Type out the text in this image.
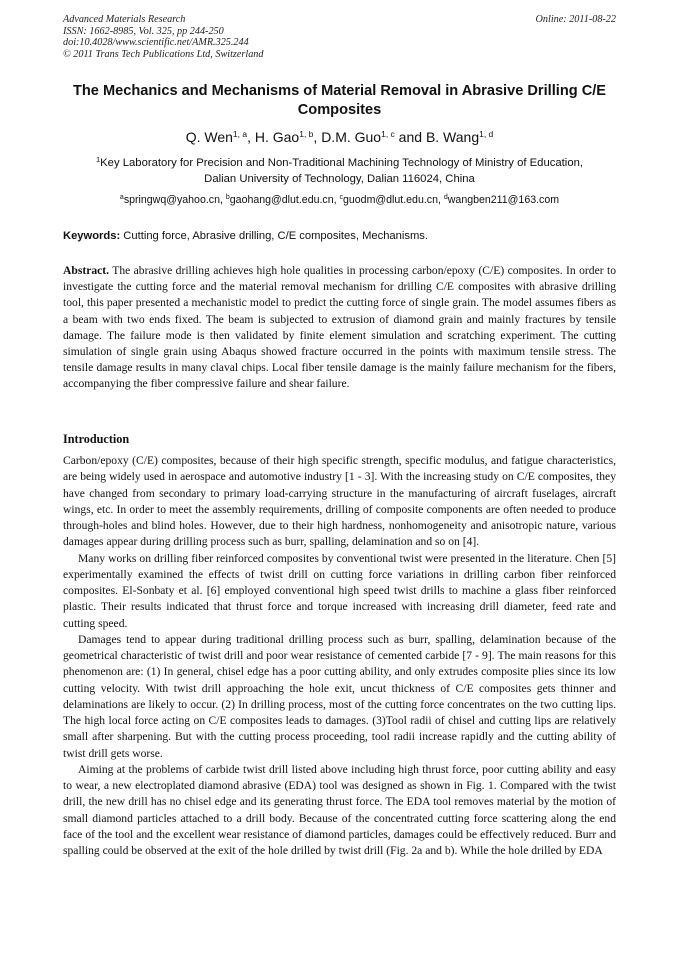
Advanced Materials Research
ISSN: 1662-8985, Vol. 325, pp 244-250
doi:10.4028/www.scientific.net/AMR.325.244
© 2011 Trans Tech Publications Ltd, Switzerland
Online: 2011-08-22
The Mechanics and Mechanisms of Material Removal in Abrasive Drilling C/E Composites
Q. Wen$^{1, a}$, H. Gao$^{1, b}$, D.M. Guo$^{1, c}$ and B. Wang$^{1, d}$
$^1$Key Laboratory for Precision and Non-Traditional Machining Technology of Ministry of Education,
Dalian University of Technology, Dalian 116024, China
$^a$springwq@yahoo.cn, $^b$gaohang@dlut.edu.cn, $^c$guodm@dlut.edu.cn, $^d$wangben211@163.com
Keywords: Cutting force, Abrasive drilling, C/E composites, Mechanisms.
Abstract. The abrasive drilling achieves high hole qualities in processing carbon/epoxy (C/E) composites. In order to investigate the cutting force and the material removal mechanism for drilling C/E composites with abrasive drilling tool, this paper presented a mechanistic model to predict the cutting force of single grain. The model assumes fibers as a beam with two ends fixed. The beam is subjected to extrusion of diamond grain and mainly fractures by tensile damage. The failure mode is then validated by finite element simulation and scratching experiment. The cutting simulation of single grain using Abaqus showed fracture occurred in the points with maximum tensile stress. The tensile damage results in many claval chips. Local fiber tensile damage is the mainly failure mechanism for the fibers, accompanying the fiber compressive failure and shear failure.
Introduction

Carbon/epoxy (C/E) composites, because of their high specific strength, specific modulus, and fatigue characteristics, are being widely used in aerospace and automotive industry [1 - 3]. With the increasing study on C/E composites, they have changed from secondary to primary load-carrying structure in the manufacturing of aircraft fuselages, aircraft wings, etc. In order to meet the assembly requirements, drilling of composite components are often needed to produce through-holes and blind holes. However, due to their high hardness, nonhomogeneity and anisotropic nature, various damages appear during drilling process such as burr, spalling, delamination and so on [4].

Many works on drilling fiber reinforced composites by conventional twist were presented in the literature. Chen [5] experimentally examined the effects of twist drill on cutting force variations in drilling carbon fiber reinforced composites. El-Sonbaty et al. [6] employed conventional high speed twist drills to machine a glass fiber reinforced plastic. Their results indicated that thrust force and torque increased with increasing drill diameter, feed rate and cutting speed.

Damages tend to appear during traditional drilling process such as burr, spalling, delamination because of the geometrical characteristic of twist drill and poor wear resistance of cemented carbide [7 - 9]. The main reasons for this phenomenon are: (1) In general, chisel edge has a poor cutting ability, and only extrudes composite plies since its low cutting velocity. With twist drill approaching the hole exit, uncut thickness of C/E composites gets thinner and delaminations are likely to occur. (2) In drilling process, most of the cutting force concentrates on the two cutting lips. The high local force acting on C/E composites leads to damages. (3)Tool radii of chisel and cutting lips are relatively small after sharpening. But with the cutting process proceeding, tool radii increase rapidly and the cutting ability of twist drill gets worse.

Aiming at the problems of carbide twist drill listed above including high thrust force, poor cutting ability and easy to wear, a new electroplated diamond abrasive (EDA) tool was designed as shown in Fig. 1. Compared with the twist drill, the new drill has no chisel edge and its generating thrust force. The EDA tool removes material by the motion of small diamond particles attached to a drill body. Because of the concentrated cutting force scattering along the end face of the tool and the excellent wear resistance of diamond particles, damages could be effectively reduced. Burr and spalling could be observed at the exit of the hole drilled by twist drill (Fig. 2a and b). While the hole drilled by EDA
